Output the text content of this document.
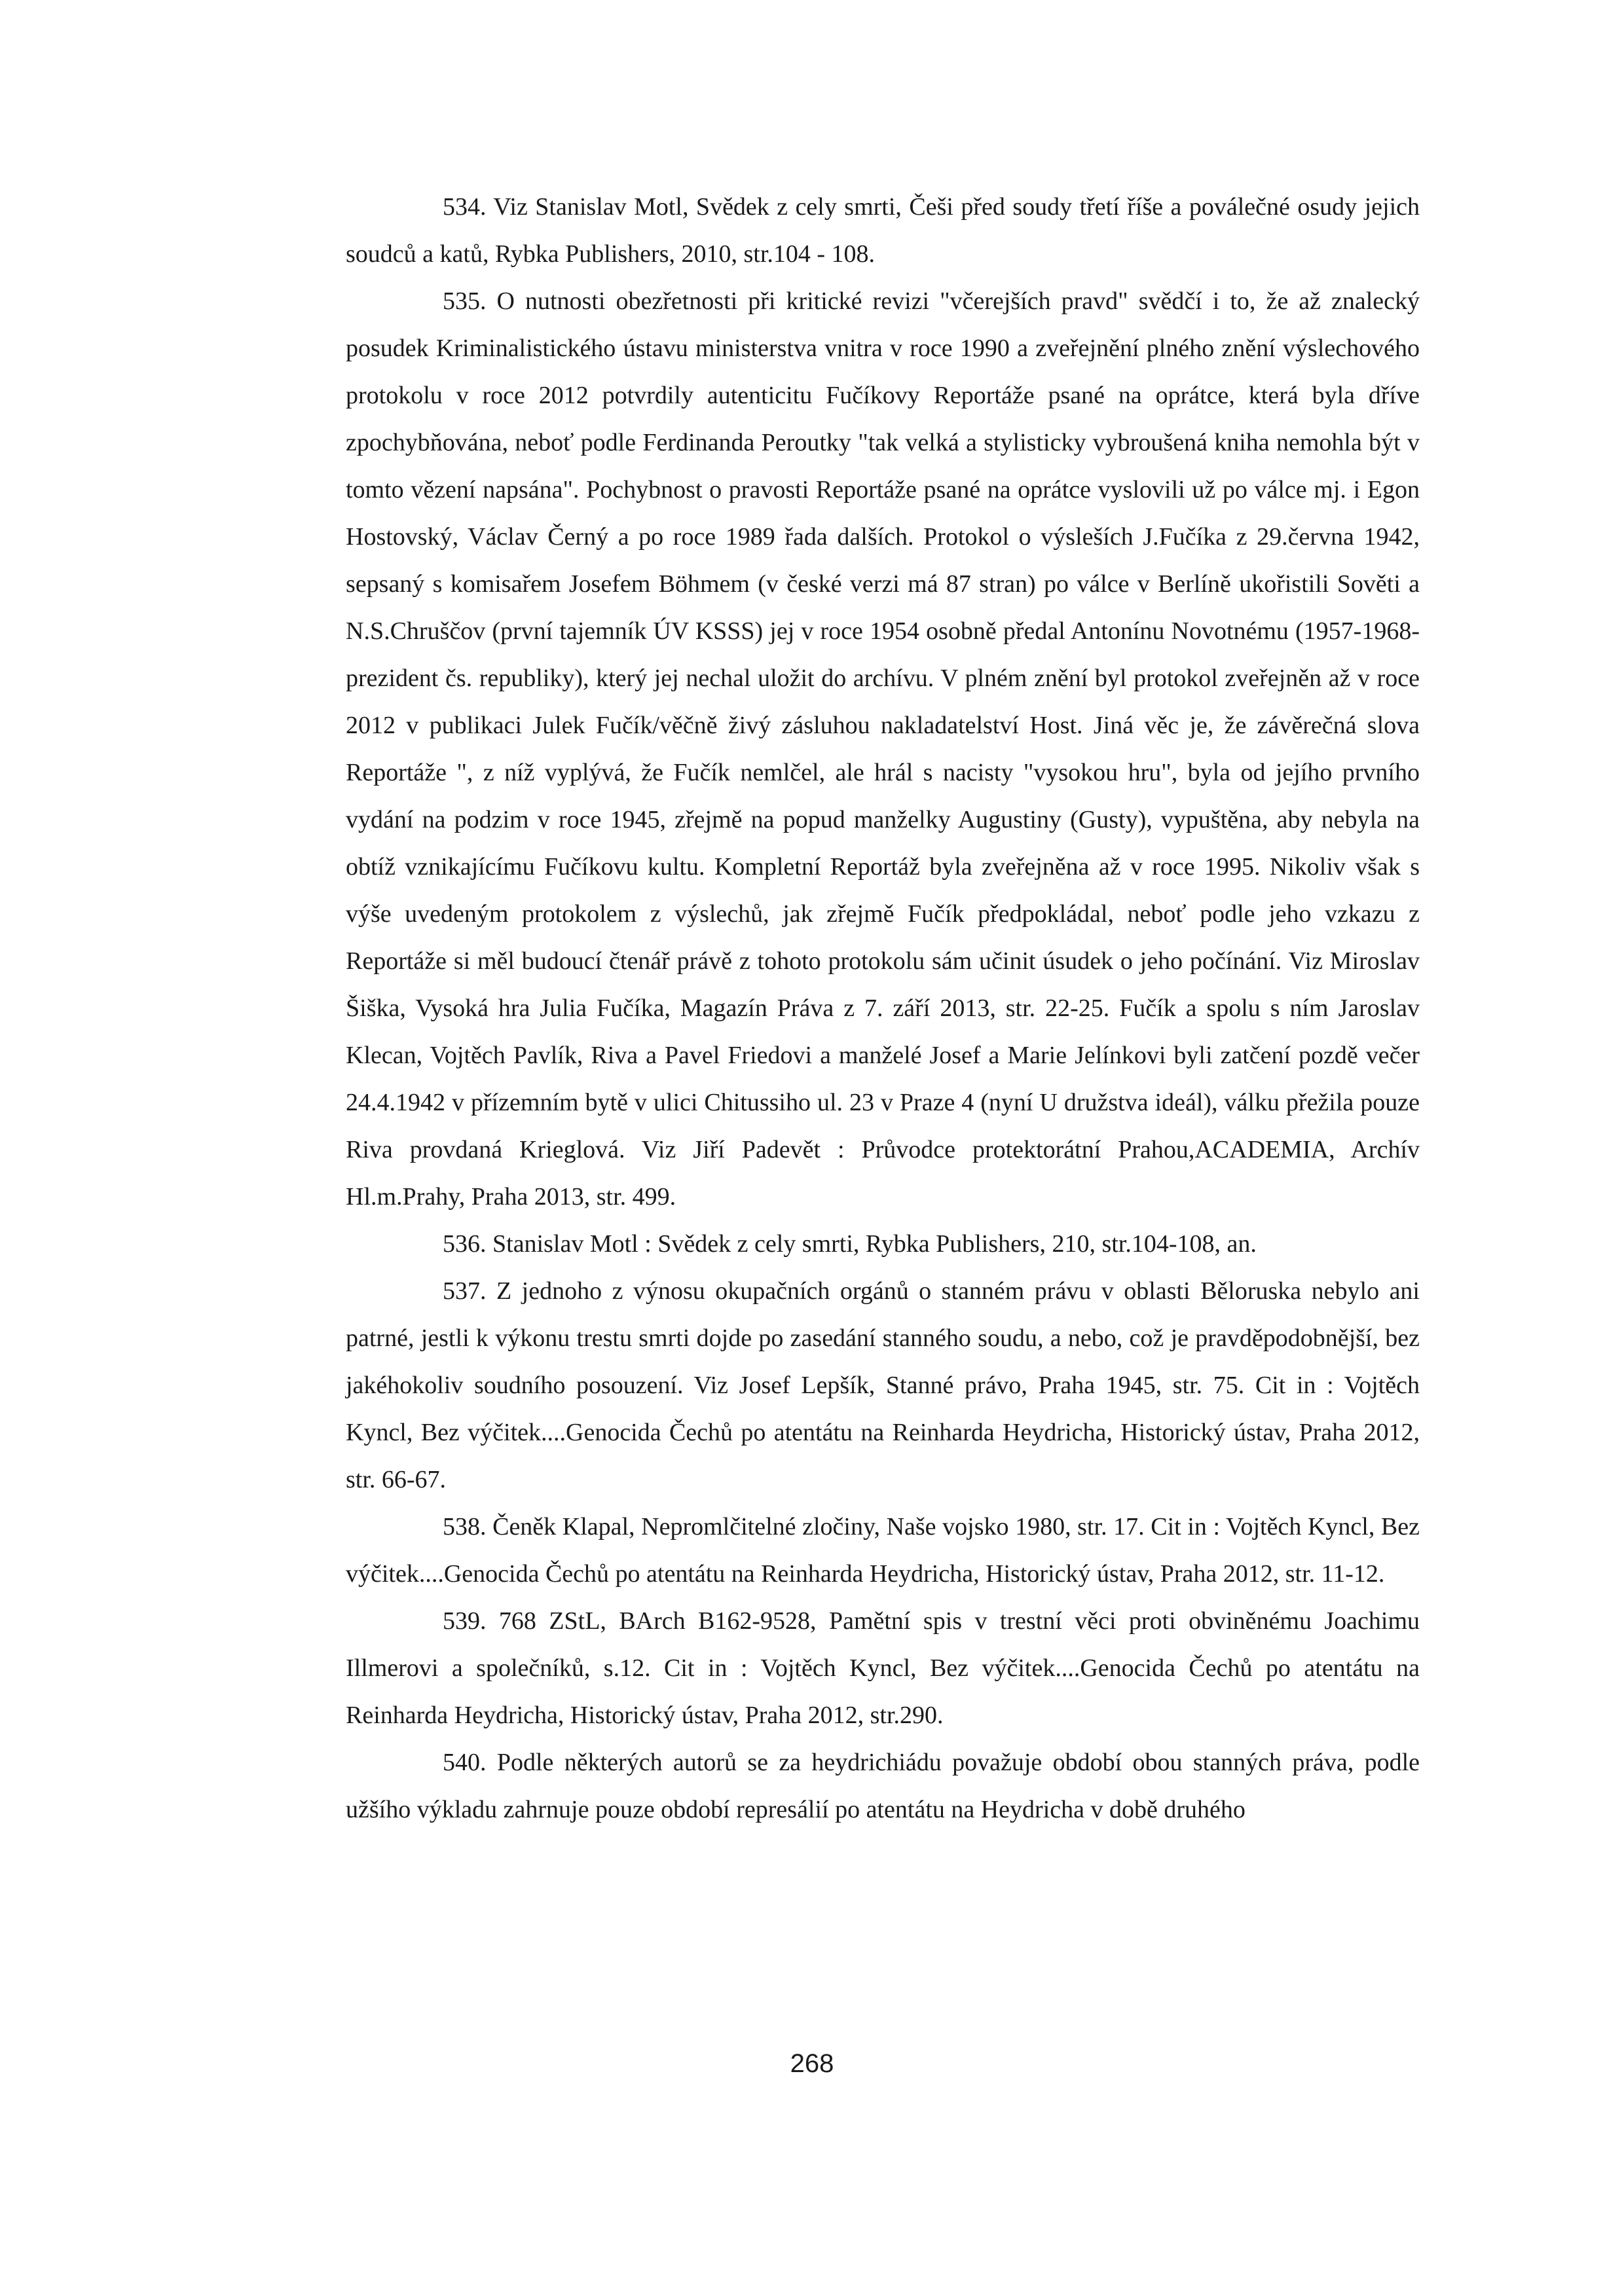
534. Viz Stanislav Motl, Svědek z cely smrti, Češi před soudy třetí říše a poválečné osudy jejich soudců a katů, Rybka Publishers, 2010, str.104 - 108.

535. O nutnosti obezřetnosti při kritické revizi "včerejších pravd" svědčí i to, že až znalecký posudek Kriminalistického ústavu ministerstva vnitra v roce 1990 a zveřejnění plného znění výslechového protokolu v roce 2012 potvrdily autenticitu Fučíkovy Reportáže psané na oprátce, která byla dříve zpochybňována, neboť podle Ferdinanda Peroutky "tak velká a stylisticky vybroušená kniha nemohla být v tomto vězení napsána". Pochybnost o pravosti Reportáže psané na oprátce vyslovili už po válce mj. i Egon Hostovský, Václav Černý a po roce 1989 řada dalších. Protokol o výsleších J.Fučíka z 29.června 1942, sepsaný s komisařem Josefem Böhmem (v české verzi má 87 stran) po válce v Berlíně ukořistili Sověti a N.S.Chruščov (první tajemník ÚV KSSS) jej v roce 1954 osobně předal Antonínu Novotnému (1957-1968-prezident čs. republiky), který jej nechal uložit do archívu. V plném znění byl protokol zveřejněn až v roce 2012 v publikaci Julek Fučík/věčně živý zásluhou nakladatelství Host. Jiná věc je, že závěrečná slova Reportáže ", z níž vyplývá, že Fučík nemlčel, ale hrál s nacisty "vysokou hru", byla od jejího prvního vydání na podzim v roce 1945, zřejmě na popud manželky Augustiny (Gusty), vypuštěna, aby nebyla na obtíž vznikajícímu Fučíkovu kultu. Kompletní Reportáž byla zveřejněna až v roce 1995. Nikoliv však s výše uvedeným protokolem z výslechů, jak zřejmě Fučík předpokládal, neboť podle jeho vzkazu z Reportáže si měl budoucí čtenář právě z tohoto protokolu sám učinit úsudek o jeho počínání. Viz Miroslav Šiška, Vysoká hra Julia Fučíka, Magazín Práva z 7. září 2013, str. 22-25. Fučík a spolu s ním Jaroslav Klecan, Vojtěch Pavlík, Riva a Pavel Friedovi a manželé Josef a Marie Jelínkovi byli zatčení pozdě večer 24.4.1942 v přízemním bytě v ulici Chitussiho ul. 23 v Praze 4 (nyní U družstva ideál), válku přežila pouze Riva provdaná Krieglová. Viz Jiří Padevět : Průvodce protektorátní Prahou,ACADEMIA, Archív Hl.m.Prahy, Praha 2013, str. 499.

536. Stanislav Motl : Svědek z cely smrti, Rybka Publishers, 210, str.104-108, an.

537. Z jednoho z výnosu okupačních orgánů o stanném právu v oblasti Běloruska nebylo ani patrné, jestli k výkonu trestu smrti dojde po zasedání stanného soudu, a nebo, což je pravděpodobnější, bez jakéhokoliv soudního posouzení. Viz Josef Lepšík, Stanné právo, Praha 1945, str. 75. Cit in : Vojtěch Kyncl, Bez výčitek....Genocida Čechů po atentátu na Reinharda Heydricha, Historický ústav, Praha 2012, str. 66-67.

538. Čeněk Klapal, Nepromlčitelné zločiny, Naše vojsko 1980, str. 17. Cit in : Vojtěch Kyncl, Bez výčitek....Genocida Čechů po atentátu na Reinharda Heydricha, Historický ústav, Praha 2012, str. 11-12.

539. 768 ZStL, BArch B162-9528, Pamětní spis v trestní věci proti obviněnému Joachimu Illmerovi a společníků, s.12. Cit in : Vojtěch Kyncl, Bez výčitek....Genocida Čechů po atentátu na Reinharda Heydricha, Historický ústav, Praha 2012, str.290.

540. Podle některých autorů se za heydrichiádu považuje období obou stanných práva, podle užšího výkladu zahrnuje pouze období represálií po atentátu na Heydricha v době druhého

268
